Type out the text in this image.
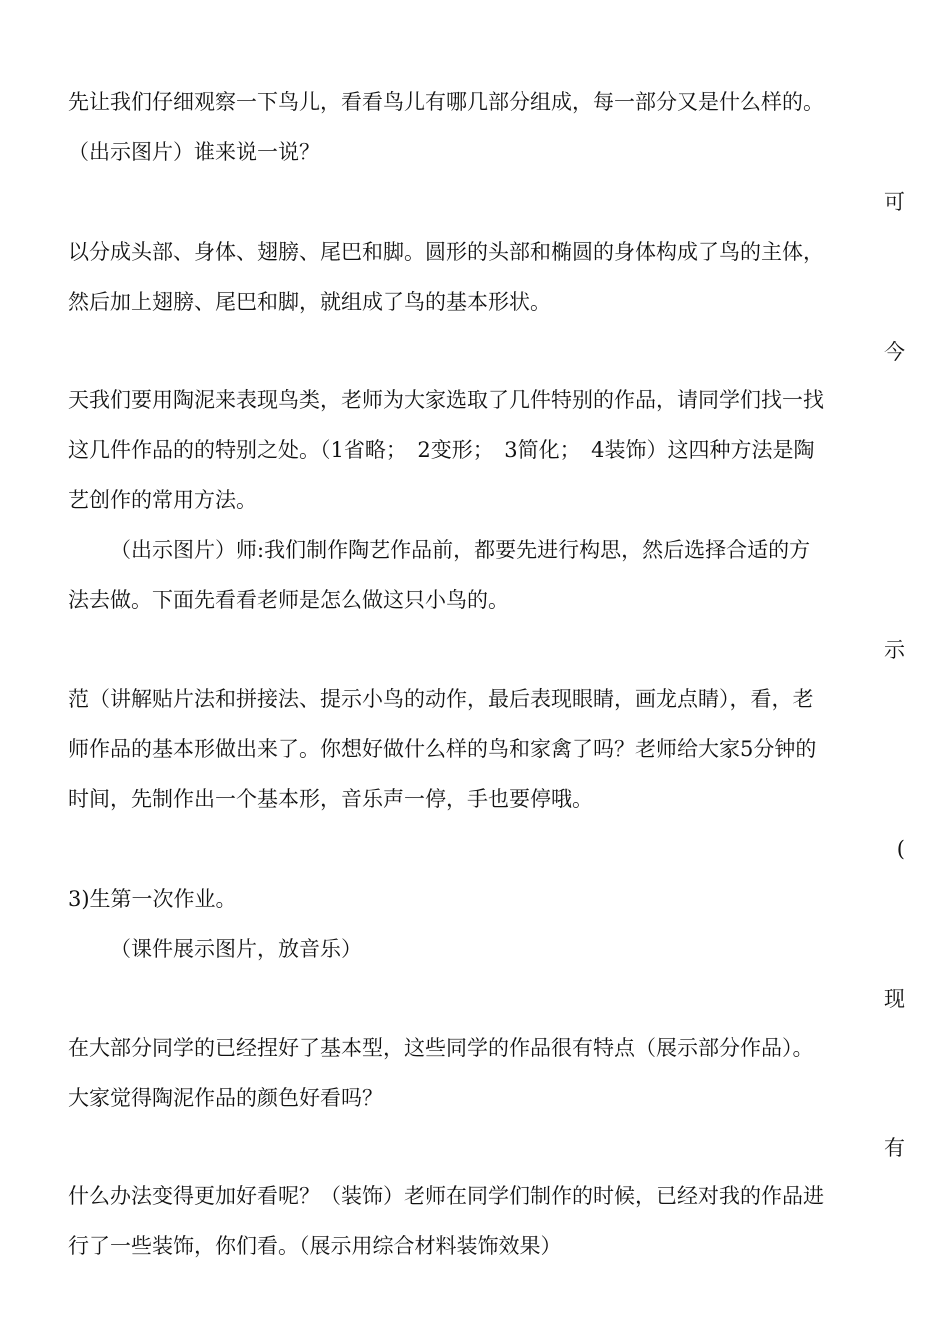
先让我们仔细观察一下鸟儿，看看鸟儿有哪几部分组成，每一部分又是什么样的。
（出示图片）谁来说一说？
可
以分成头部、身体、翅膀、尾巴和脚。圆形的头部和椭圆的身体构成了鸟的主体，
然后加上翅膀、尾巴和脚，就组成了鸟的基本形状。
今
天我们要用陶泥来表现鸟类，老师为大家选取了几件特别的作品，请同学们找一找
这几件作品的的特别之处。（1省略；　2变形；　3简化；　4装饰）这四种方法是陶
艺创作的常用方法。
（出示图片）师:我们制作陶艺作品前，都要先进行构思，然后选择合适的方
法去做。下面先看看老师是怎么做这只小鸟的。
示
范（讲解贴片法和拼接法、提示小鸟的动作，最后表现眼睛，画龙点睛），看，老
师作品的基本形做出来了。你想好做什么样的鸟和家禽了吗？老师给大家5分钟的
时间，先制作出一个基本形，音乐声一停，手也要停哦。
(
3)生第一次作业。
（课件展示图片，放音乐）
现
在大部分同学的已经捏好了基本型，这些同学的作品很有特点（展示部分作品）。
大家觉得陶泥作品的颜色好看吗？
有
什么办法变得更加好看呢？（装饰）老师在同学们制作的时候，已经对我的作品进
行了一些装饰，你们看。（展示用综合材料装饰效果）
